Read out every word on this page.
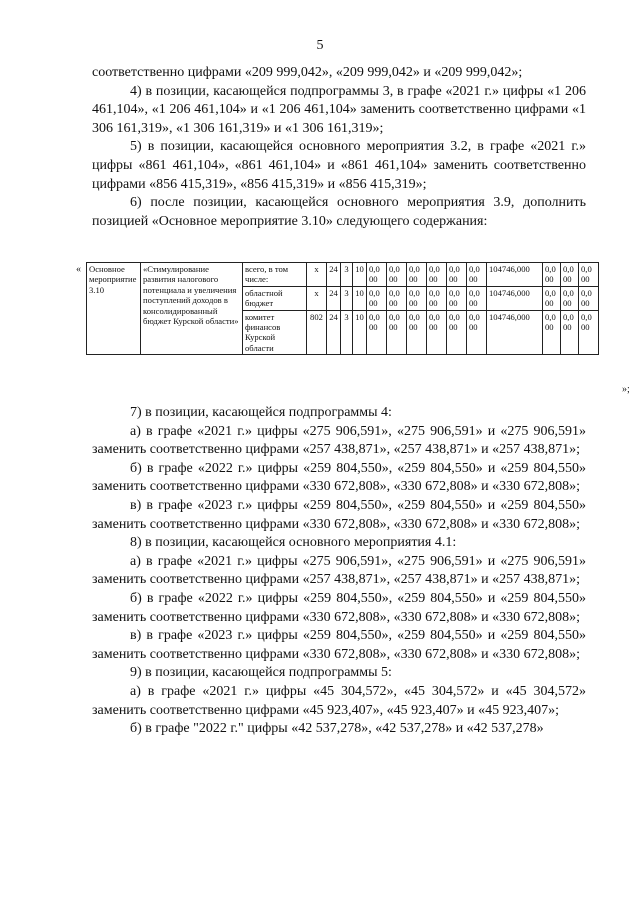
5

соответственно цифрами «209 999,042», «209 999,042» и «209 999,042»;

4) в позиции, касающейся подпрограммы 3, в графе «2021 г.» цифры «1 206 461,104», «1 206 461,104» и «1 206 461,104» заменить соответственно цифрами «1 306 161,319», «1 306 161,319» и «1 306 161,319»;

5) в позиции, касающейся основного мероприятия 3.2, в графе «2021 г.» цифры «861 461,104», «861 461,104» и «861 461,104» заменить соответственно цифрами «856 415,319», «856 415,319» и «856 415,319»;

6) после позиции, касающейся основного мероприятия 3.9, дополнить позицией «Основное мероприятие 3.10» следующего содержания:

« Основное мероприятие 3.10	«Стимулирование развития налогового потенциала и увеличения поступлений доходов в консолидированный бюджет Курской области»	всего, в том числе:	х	24	3	10	0,0 00	0,0 00	0,0 00	0,0 00	0,0 00	0,0 00	104746,000	0,0 00	0,0 00	0,0 00
		областной бюджет	х	24	3	10	0,0 00	0,0 00	0,0 00	0,0 00	0,0 00	0,0 00	104746,000	0,0 00	0,0 00	0,0 00
		комитет финансов Курской области	802	24	3	10	0,0 00	0,0 00	0,0 00	0,0 00	0,0 00	0,0 00	104746,000	0,0 00	0,0 00	0,0 00
»;

7) в позиции, касающейся подпрограммы 4:

а) в графе «2021 г.» цифры «275 906,591», «275 906,591» и «275 906,591» заменить соответственно цифрами «257 438,871», «257 438,871» и «257 438,871»;

б) в графе «2022 г.» цифры «259 804,550», «259 804,550» и «259 804,550» заменить соответственно цифрами «330 672,808», «330 672,808» и «330 672,808»;

в) в графе «2023 г.» цифры «259 804,550», «259 804,550» и «259 804,550» заменить соответственно цифрами «330 672,808», «330 672,808» и «330 672,808»;

8) в позиции, касающейся основного мероприятия 4.1:

а) в графе «2021 г.» цифры «275 906,591», «275 906,591» и «275 906,591» заменить соответственно цифрами «257 438,871», «257 438,871» и «257 438,871»;

б) в графе «2022 г.» цифры «259 804,550», «259 804,550» и «259 804,550» заменить соответственно цифрами «330 672,808», «330 672,808» и «330 672,808»;

в) в графе «2023 г.» цифры «259 804,550», «259 804,550» и «259 804,550» заменить соответственно цифрами «330 672,808», «330 672,808» и «330 672,808»;

9) в позиции, касающейся подпрограммы 5:

а) в графе «2021 г.» цифры «45 304,572», «45 304,572» и «45 304,572» заменить соответственно цифрами «45 923,407», «45 923,407» и «45 923,407»;

б) в графе "2022 г." цифры «42 537,278», «42 537,278» и «42 537,278»
